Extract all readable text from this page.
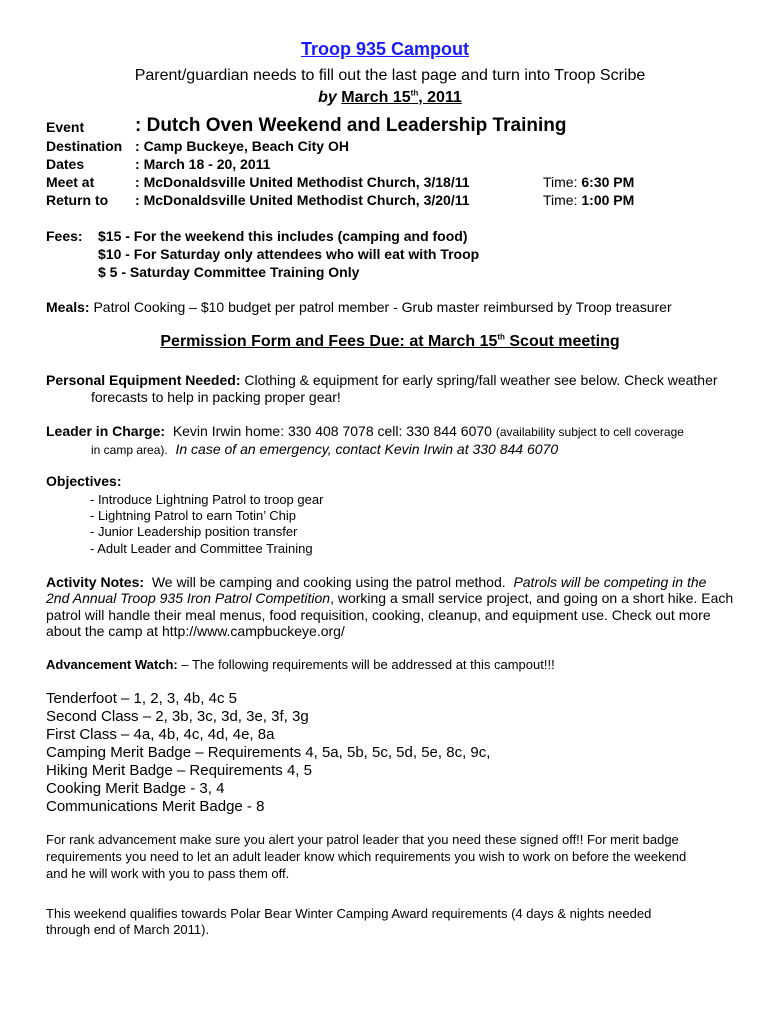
Troop 935 Campout
Parent/guardian needs to fill out the last page and turn into Troop Scribe
by March 15th, 2011
Event	: Dutch Oven Weekend and Leadership Training
Destination : Camp Buckeye, Beach City OH
Dates	: March 18 - 20, 2011
Meet at	: McDonaldsville United Methodist Church, 3/18/11	Time: 6:30 PM
Return to : McDonaldsville United Methodist Church, 3/20/11	Time: 1:00 PM
Fees: $15 - For the weekend this includes (camping and food)
$10 - For Saturday only attendees who will eat with Troop
$ 5 - Saturday Committee Training Only
Meals: Patrol Cooking – $10 budget per patrol member - Grub master reimbursed by Troop treasurer
Permission Form and Fees Due: at March 15th Scout meeting
Personal Equipment Needed: Clothing & equipment for early spring/fall weather see below. Check weather
forecasts to help in packing proper gear!
Leader in Charge: Kevin Irwin home: 330 408 7078 cell: 330 844 6070 (availability subject to cell coverage
in camp area). In case of an emergency, contact Kevin Irwin at 330 844 6070
Objectives:
- Introduce Lightning Patrol to troop gear
- Lightning Patrol to earn Totin’ Chip
- Junior Leadership position transfer
- Adult Leader and Committee Training
Activity Notes: We will be camping and cooking using the patrol method. Patrols will be competing in the
2nd Annual Troop 935 Iron Patrol Competition, working a small service project, and going on a short hike. Each
patrol will handle their meal menus, food requisition, cooking, cleanup, and equipment use. Check out more
about the camp at http://www.campbuckeye.org/
Advancement Watch: – The following requirements will be addressed at this campout!!!
Tenderfoot – 1, 2, 3, 4b, 4c 5
Second Class – 2, 3b, 3c, 3d, 3e, 3f, 3g
First Class – 4a, 4b, 4c, 4d, 4e, 8a
Camping Merit Badge – Requirements 4, 5a, 5b, 5c, 5d, 5e, 8c, 9c,
Hiking Merit Badge – Requirements 4, 5
Cooking Merit Badge - 3, 4
Communications Merit Badge - 8
For rank advancement make sure you alert your patrol leader that you need these signed off!! For merit badge
requirements you need to let an adult leader know which requirements you wish to work on before the weekend
and he will work with you to pass them off.
This weekend qualifies towards Polar Bear Winter Camping Award requirements (4 days & nights needed
through end of March 2011).
